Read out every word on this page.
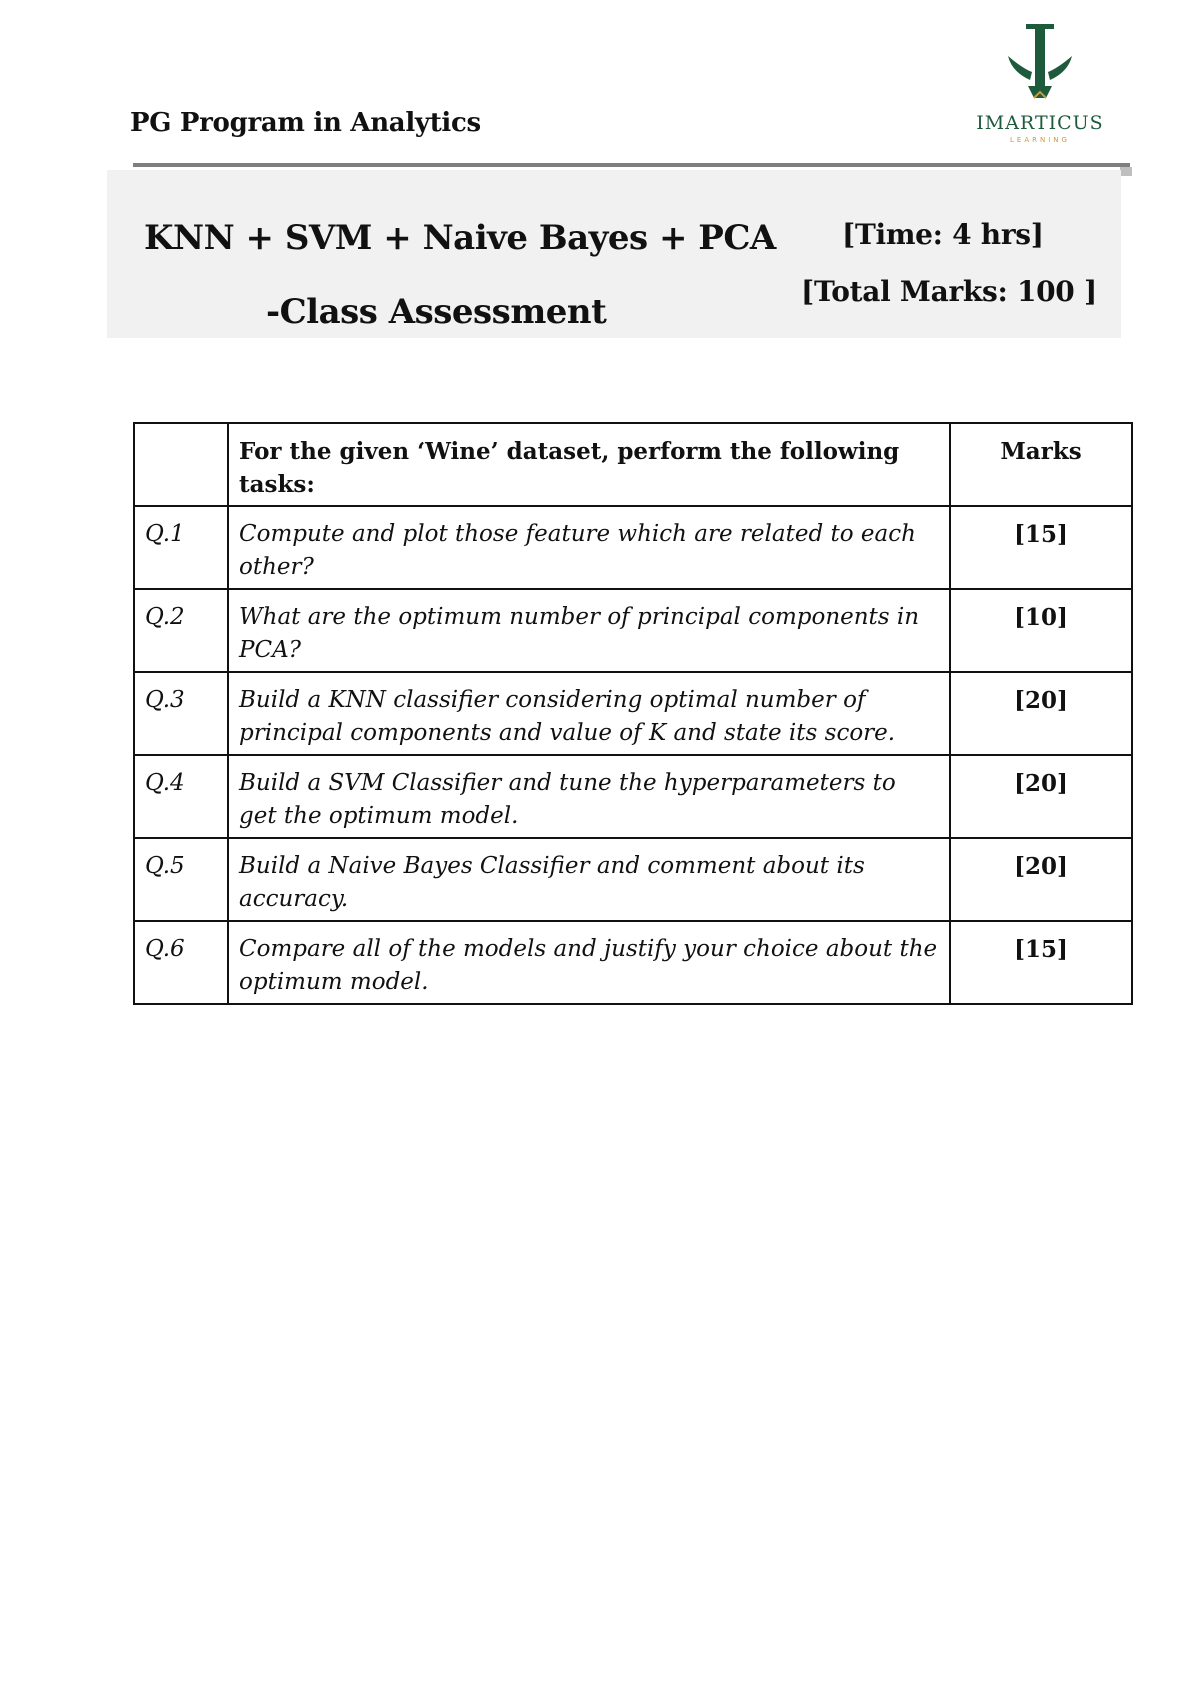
PG Program in Analytics	IMARTICUS
LEARNING
KNN + SVM + Naive Bayes + PCA
-Class Assessment
[Time: 4 hrs]
[Total Marks: 100 ]
	For the given ‘Wine’ dataset, perform the following tasks:	Marks
Q.1	Compute and plot those feature which are related to each other?	[15]
Q.2	What are the optimum number of principal components in PCA?	[10]
Q.3	Build a KNN classifier considering optimal number of principal components and value of K and state its score.	[20]
Q.4	Build a SVM Classifier and tune the hyperparameters to get the optimum model.	[20]
Q.5	Build a Naive Bayes Classifier and comment about its accuracy.	[20]
Q.6	Compare all of the models and justify your choice about the optimum model.	[15]
